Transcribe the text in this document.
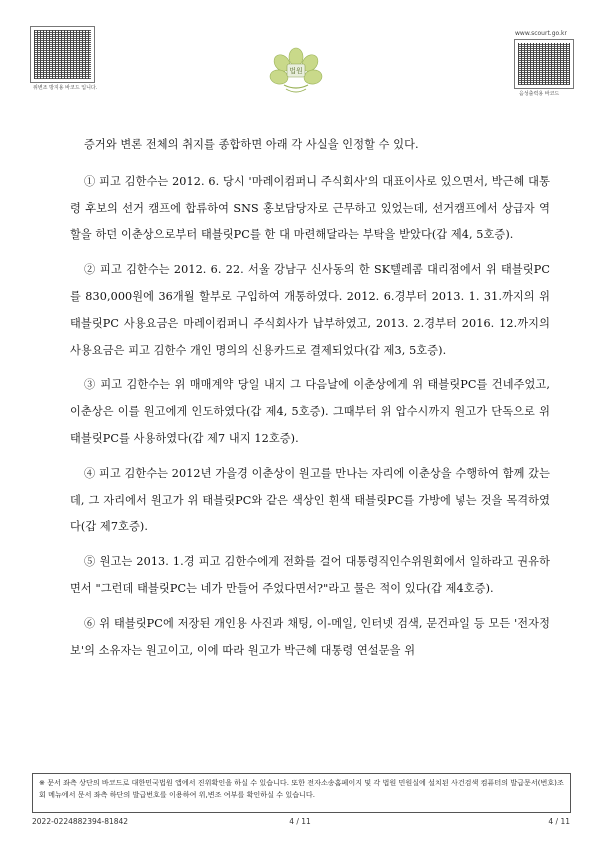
위변조 방지용 바코드 입니다.
법원
www.scourt.go.kr
음성출력용 바코드

증거와 변론 전체의 취지를 종합하면 아래 각 사실을 인정할 수 있다.

① 피고 김한수는 2012. 6. 당시 '마레이컴퍼니 주식회사'의 대표이사로 있으면서, 박근혜 대통령 후보의 선거 캠프에 합류하여 SNS 홍보담당자로 근무하고 있었는데, 선거캠프에서 상급자 역할을 하던 이춘상으로부터 태블릿PC를 한 대 마련해달라는 부탁을 받았다(갑 제4, 5호증).

② 피고 김한수는 2012. 6. 22. 서울 강남구 신사동의 한 SK텔레콤 대리점에서 위 태블릿PC를 830,000원에 36개월 할부로 구입하여 개통하였다. 2012. 6.경부터 2013. 1. 31.까지의 위 태블릿PC 사용요금은 마레이컴퍼니 주식회사가 납부하였고, 2013. 2.경부터 2016. 12.까지의 사용요금은 피고 김한수 개인 명의의 신용카드로 결제되었다(갑 제3, 5호증).

③ 피고 김한수는 위 매매계약 당일 내지 그 다음날에 이춘상에게 위 태블릿PC를 건네주었고, 이춘상은 이를 원고에게 인도하였다(갑 제4, 5호증). 그때부터 위 압수시까지 원고가 단독으로 위 태블릿PC를 사용하였다(갑 제7 내지 12호증).

④ 피고 김한수는 2012년 가을경 이춘상이 원고를 만나는 자리에 이춘상을 수행하여 함께 갔는데, 그 자리에서 원고가 위 태블릿PC와 같은 색상인 흰색 태블릿PC를 가방에 넣는 것을 목격하였다(갑 제7호증).

⑤ 원고는 2013. 1.경 피고 김한수에게 전화를 걸어 대통령직인수위원회에서 일하라고 권유하면서 "그런데 태블릿PC는 네가 만들어 주었다면서?"라고 물은 적이 있다(갑 제4호증).

⑥ 위 태블릿PC에 저장된 개인용 사진과 채팅, 이-메일, 인터넷 검색, 문건파일 등 모든 '전자정보'의 소유자는 원고이고, 이에 따라 원고가 박근혜 대통령 연설문을 위

※ 문서 좌측 상단의 바코드로 대한민국법원 앱에서 진위확인을 하실 수 있습니다. 또한 전자소송홈페이지 및 각 법원 민원실에 설치된 사건검색 컴퓨터의 발급문서(번호)조회 메뉴에서 문서 좌측 하단의 발급번호를 이용하여 위,변조 여부를 확인하실 수 있습니다.
2022-0224882394-81842	4 / 11	4 / 11
